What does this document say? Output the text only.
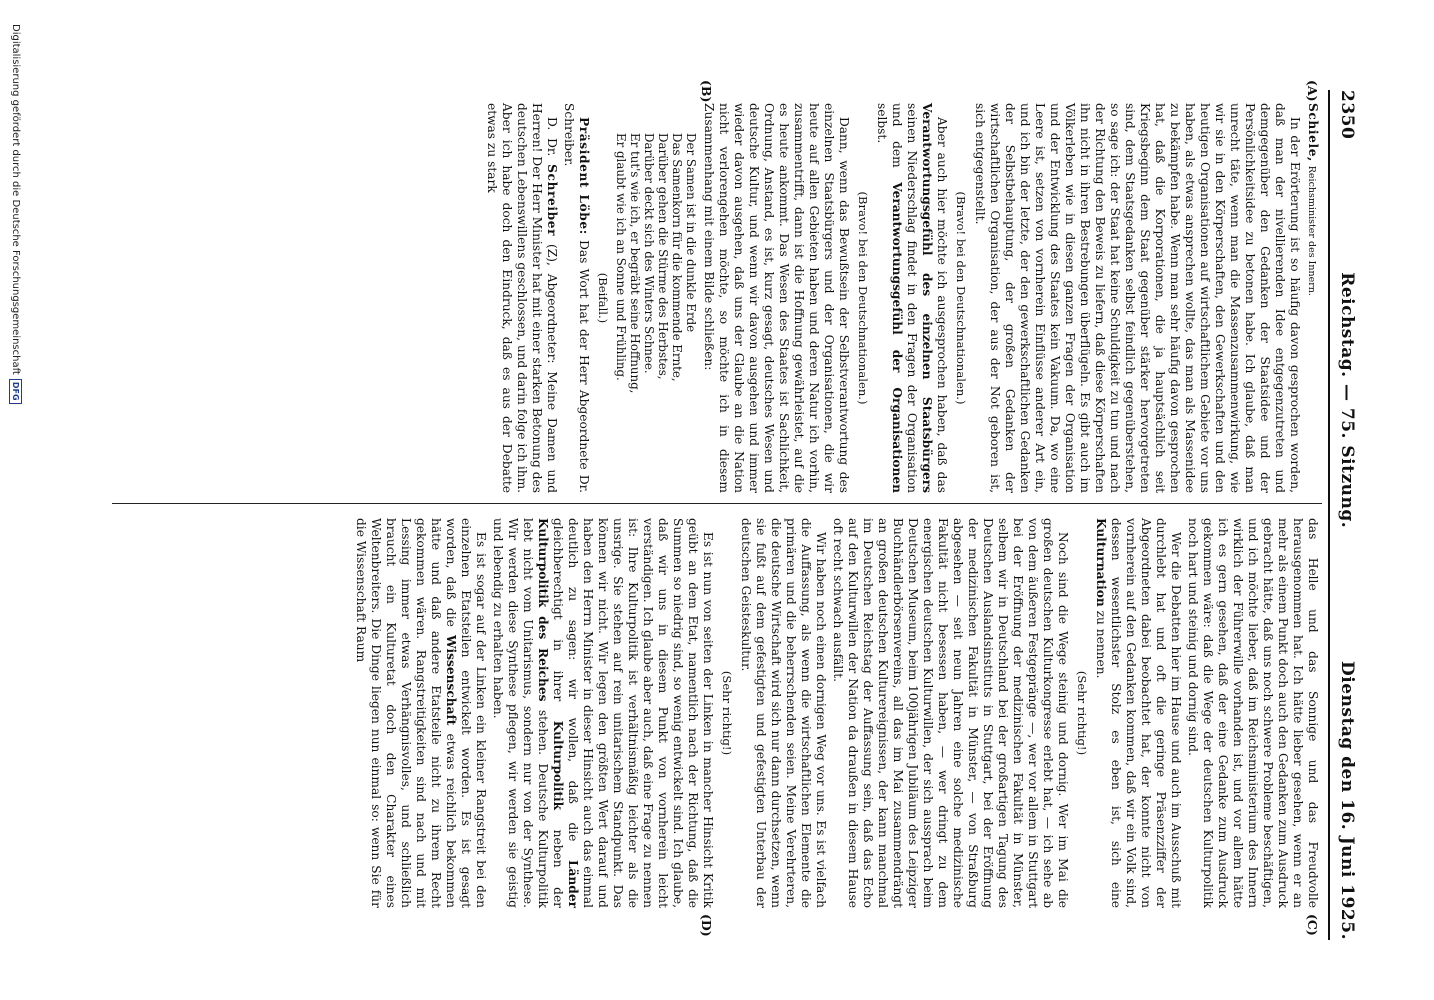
2350
Reichstag. — 75. Sitzung.
Dienstag den 16. Juni 1925.
(A)
(B)
(C)
(D)

Schiele, Reichsminister des Innern.

In der Erörterung ist so häufig davon gesprochen worden, daß man der nivellierenden Idee entgegenzutreten und demgegenüber den Gedanken der Staatsidee und der Persönlichkeitsidee zu betonen habe. Ich glaube, daß man unrecht täte, wenn man die Massenzusammenwirkung, wie wir sie in den Körperschaften, den Gewerkschaften und den heutigen Organisationen auf wirtschaftlichem Gebiete vor uns haben, als etwas ansprechen wollte, das man als Massenidee zu bekämpfen habe. Wenn man sehr häufig davon gesprochen hat, daß die Korporationen, die ja hauptsächlich seit Kriegsbeginn dem Staat gegenüber stärker hervorgetreten sind, dem Staatsgedanken selbst feindlich gegenüberstehen, so sage ich: der Staat hat keine Schuldigkeit zu tun und nach der Richtung den Beweis zu liefern, daß diese Körperschaften ihn nicht in ihren Bestrebungen überflügeln. Es gibt auch im Völkerleben wie in diesen ganzen Fragen der Organisation und der Entwicklung des Staates kein Vakuum. Da, wo eine Leere ist, setzen von vornherein Einflüsse anderer Art ein, und ich bin der letzte, der den gewerkschaftlichen Gedanken der Selbstbehauptung, der großen Gedanken der wirtschaftlichen Organisation, der aus der Not geboren ist, sich entgegenstellt.

(Bravo! bei den Deutschnationalen.)

Aber auch hier möchte ich ausgesprochen haben, daß das Verantwortungsgefühl des einzelnen Staatsbürgers seinen Niederschlag findet in den Fragen der Organisation und dem Verantwortungsgefühl der Organisationen selbst.

(Bravo! bei den Deutschnationalen.)

Dann, wenn das Bewußtsein der Selbstverantwortung des einzelnen Staatsbürgers und der Organisationen, die wir heute auf allen Gebieten haben und deren Natur ich vorhin, zusammentrifft, dann ist die Hoffnung gewährleistet, auf die es heute ankommt. Das Wesen des Staates ist Sachlichkeit, Ordnung, Anstand, es ist, kurz gesagt, deutsches Wesen und deutsche Kultur, und wenn wir davon ausgehen und immer wieder davon ausgehen, daß uns der Glaube an die Nation nicht verlorengehen möchte, so möchte ich in diesem Zusammenhang mit einem Bilde schließen:

Der Samen ist in die dunkle Erde
Das Samenkorn für die kommende Ernte,
Darüber gehen die Stürme des Herbstes,
Darüber deckt sich des Winters Schnee.
Er tut's wie ich, er begräbt seine Hoffnung,
Er glaubt wie ich an Sonne und Frühling.

(Beifall.)

Präsident Löbe: Das Wort hat der Herr Abgeordnete Dr. Schreiber.

D. Dr. Schreiber (Z), Abgeordneter: Meine Damen und Herren! Der Herr Minister hat mit einer starken Betonung des deutschen Lebenswillens geschlossen, und darin folge ich ihm. Aber ich habe doch den Eindruck, daß es aus der Debatte etwas zu stark

das Helle und das Sonnige und das Freudvolle herausgenommen hat. Ich hätte lieber gesehen, wenn er an mehr als einem Punkt doch auch den Gedanken zum Ausdruck gebracht hätte, daß uns noch schwere Probleme beschäftigen, und ich möchte lieber, daß im Reichsministerium des Innern wirklich der Führerwille vorhanden ist, und vor allem hätte ich es gern gesehen, daß der eine Gedanke zum Ausdruck gekommen wäre: daß die Wege der deutschen Kulturpolitik noch hart und steinig und dornig sind.

Wer die Debatten hier im Hause und auch im Ausschuß mit durchlebt hat und oft die geringe Präsenzziffer der Abgeordneten dabei beobachtet hat, der konnte nicht von vornherein auf den Gedanken kommen, daß wir ein Volk sind, dessen wesentlichster Stolz es eben ist, sich eine Kulturnation zu nennen.

(Sehr richtig!)

Noch sind die Wege steinig und dornig. Wer im Mai die großen deutschen Kulturkongresse erlebt hat, — ich sehe ab von dem äußeren Festgepränge —, wer vor allem in Stuttgart bei der Eröffnung der medizinischen Fakultät in Münster, selbem wir in Deutschland bei der großartigen Tagung des Deutschen Auslandsinstituts in Stuttgart, bei der Eröffnung der medizinischen Fakultät in Münster, — von Straßburg abgesehen — seit neun Jahren eine solche medizinische Fakultät nicht besessen haben, — wer dringt zu dem energischen deutschen Kulturwillen, der sich aussprach beim Deutschen Museum, beim 100jährigen Jubiläum des Leipziger Buchhändlerbörsenvereins, all das im Mai zusammendrängt an großen deutschen Kulturereignissen, der kann manchmal im Deutschen Reichstag der Auffassung sein, daß das Echo auf den Kulturwillen der Nation da draußen in diesem Hause oft recht schwach ausfällt.

Wir haben noch einen dornigen Weg vor uns. Es ist vielfach die Auffassung, als wenn die wirtschaftlichen Elemente die primären und die beherrschenden seien. Meine Verehrteren, die deutsche Wirtschaft wird sich nur dann durchsetzen, wenn sie fußt auf dem gefestigten und gefestigten Unterbau der deutschen Geisteskultur.

(Sehr richtig!)

Es ist nun von seiten der Linken in mancher Hinsicht Kritik geübt an dem Etat, namentlich nach der Richtung, daß die Summen so niedrig sind, so wenig entwickelt sind. Ich glaube, daß wir uns in diesem Punkt von vornherein leicht verständigen. Ich glaube aber auch, daß eine Frage zu nennen ist: Ihre Kulturpolitik ist verhältnismäßig leichter als die unsrige. Sie stehen auf rein unitarischem Standpunkt. Das können wir nicht. Wir legen den größten Wert darauf und haben den Herrn Minister in dieser Hinsicht auch das einmal deutlich zu sagen: wir wollen, daß die Länder gleichberechtigt in ihrer Kulturpolitik neben der Kulturpolitik des Reiches stehen. Deutsche Kulturpolitik lebt nicht vom Unitarismus, sondern nur von der Synthese. Wir werden diese Synthese pflegen, wir werden sie geistig und lebendig zu erhalten haben.

Es ist sogar auf der Linken ein kleiner Rangstreit bei den einzelnen Etatsteilen entwickelt worden. Es ist gesagt worden, daß die Wissenschaft etwas reichlich bekommen hätte und daß andere Etatsteile nicht zu ihrem Recht gekommen wären. Rangstreitigkeiten sind nach und mit Lessing immer etwas Verhängnisvolles, und schließlich braucht ein Kulturetat doch den Charakter eines Weltenbreiters. Die Dinge liegen nun einmal so: wenn Sie für die Wissenschaft Raum

Digitalisierung gefördert durch die Deutsche Forschungsgemeinschaft
DFG
